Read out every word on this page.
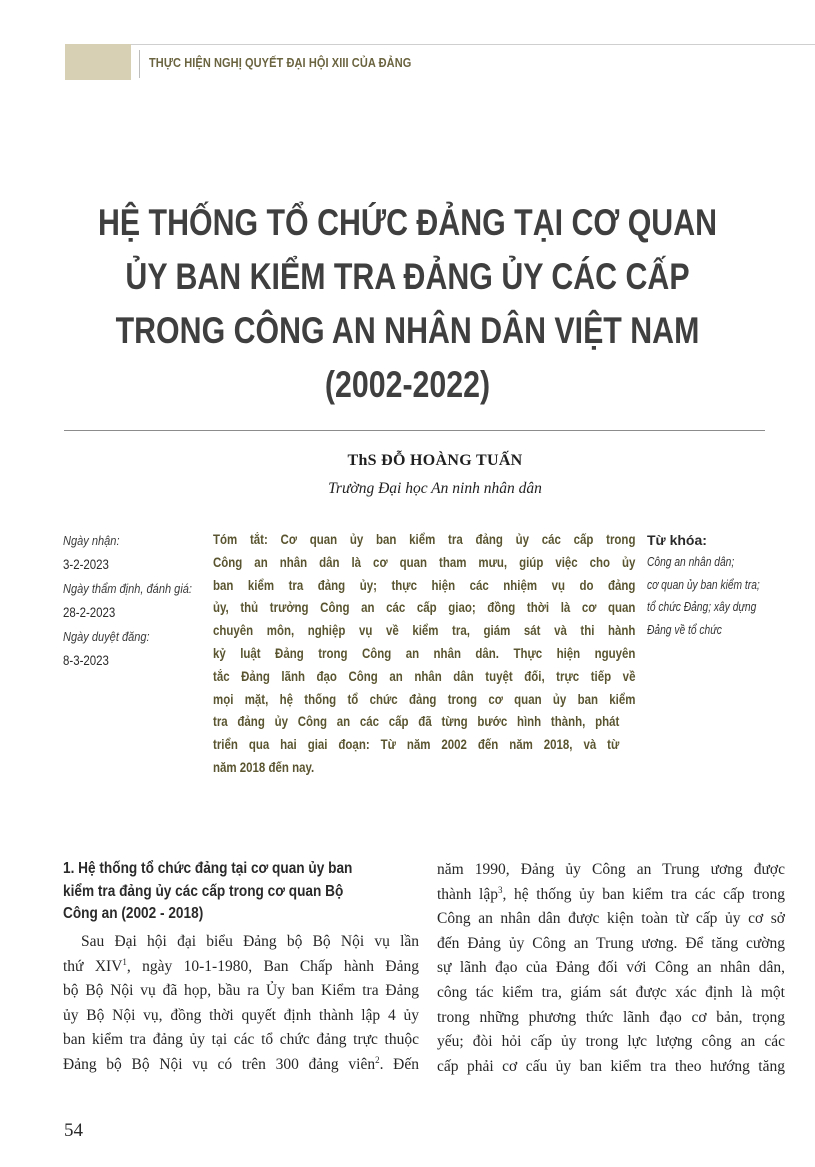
THỰC HIỆN NGHỊ QUYẾT ĐẠI HỘI XIII CỦA ĐẢNG
HỆ THỐNG TỔ CHỨC ĐẢNG TẠI CƠ QUAN
ỦY BAN KIỂM TRA ĐẢNG ỦY CÁC CẤP
TRONG CÔNG AN NHÂN DÂN VIỆT NAM
(2002-2022)
ThS ĐỖ HOÀNG TUẤN
Trường Đại học An ninh nhân dân
Ngày nhận:
3-2-2023
Ngày thẩm định, đánh giá:
28-2-2023
Ngày duyệt đăng:
8-3-2023
Tóm tắt: Cơ quan ủy ban kiểm tra đảng ủy các cấp trong
Công an nhân dân là cơ quan tham mưu, giúp việc cho ủy
ban kiểm tra đảng ủy; thực hiện các nhiệm vụ do đảng
ủy, thủ trưởng Công an các cấp giao; đồng thời là cơ quan
chuyên môn, nghiệp vụ về kiểm tra, giám sát và thi hành
kỷ luật Đảng trong Công an nhân dân. Thực hiện nguyên
tắc Đảng lãnh đạo Công an nhân dân tuyệt đối, trực tiếp về
mọi mặt, hệ thống tổ chức đảng trong cơ quan ủy ban kiểm
tra đảng ủy Công an các cấp đã từng bước hình thành, phát
triển qua hai giai đoạn: Từ năm 2002 đến năm 2018, và từ
năm 2018 đến nay.
Từ khóa:
Công an nhân dân;
cơ quan ủy ban kiểm tra;
tổ chức Đảng; xây dựng
Đảng về tổ chức
1. Hệ thống tổ chức đảng tại cơ quan ủy ban
kiểm tra đảng ủy các cấp trong cơ quan Bộ
Công an (2002 - 2018)
Sau Đại hội đại biểu Đảng bộ Bộ Nội vụ lần
thứ XIV$^1$, ngày 10-1-1980, Ban Chấp hành Đảng
bộ Bộ Nội vụ đã họp, bầu ra Ủy ban Kiểm tra Đảng
ủy Bộ Nội vụ, đồng thời quyết định thành lập 4 ủy
ban kiểm tra đảng ủy tại các tổ chức đảng trực thuộc
Đảng bộ Bộ Nội vụ có trên 300 đảng viên$^2$. Đến
năm 1990, Đảng ủy Công an Trung ương được
thành lập$^3$, hệ thống ủy ban kiểm tra các cấp trong
Công an nhân dân được kiện toàn từ cấp ủy cơ sở
đến Đảng ủy Công an Trung ương. Để tăng cường
sự lãnh đạo của Đảng đối với Công an nhân dân,
công tác kiểm tra, giám sát được xác định là một
trong những phương thức lãnh đạo cơ bản, trọng
yếu; đòi hỏi cấp ủy trong lực lượng công an các
cấp phải cơ cấu ủy ban kiểm tra theo hướng tăng
54
